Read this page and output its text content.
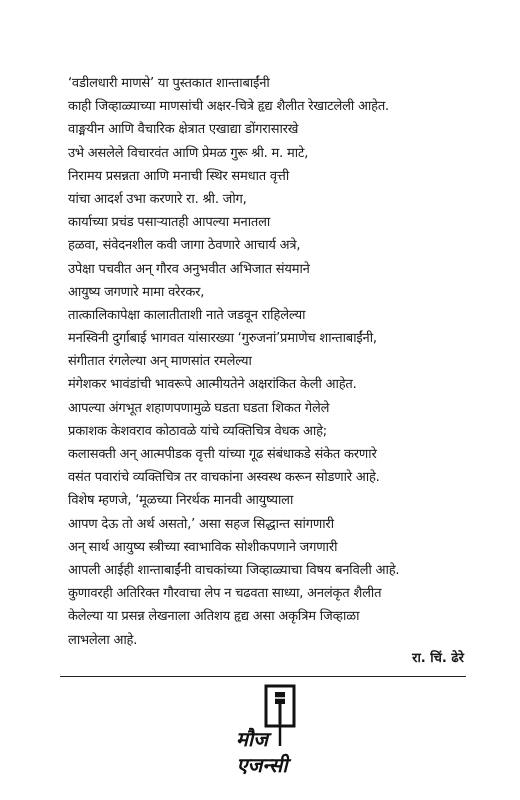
‘वडीलधारी माणसे’ या पुस्तकात शान्ताबाईंनी
काही जिव्हाळ्याच्या माणसांची अक्षर-चित्रे हृद्य शैलीत रेखाटलेली आहेत.
वाङ्मयीन आणि वैचारिक क्षेत्रात एखाद्या डोंगरासारखे
उभे असलेले विचारवंत आणि प्रेमळ गुरू श्री. म. माटे,
निरामय प्रसन्नता आणि मनाची स्थिर समधात वृत्ती
यांचा आदर्श उभा करणारे रा. श्री. जोग,
कार्याच्या प्रचंड पसाऱ्यातही आपल्या मनातला
हळवा, संवेदनशील कवी जागा ठेवणारे आचार्य अत्रे,
उपेक्षा पचवीत अन् गौरव अनुभवीत अभिजात संयमाने
आयुष्य जगणारे मामा वरेरकर,
तात्कालिकापेक्षा कालातीताशी नाते जडवून राहिलेल्या
मनस्विनी दुर्गाबाई भागवत यांसारख्या ‘गुरुजनां’प्रमाणेच शान्ताबाईंनी,
संगीतात रंगलेल्या अन् माणसांत रमलेल्या
मंगेशकर भावंडांची भावरूपे आत्मीयतेने अक्षरांकित केली आहेत.
आपल्या अंगभूत शहाणपणामुळे घडता घडता शिकत गेलेले
प्रकाशक केशवराव कोठावळे यांचे व्यक्तिचित्र वेधक आहे;
कलासक्ती अन् आत्मपीडक वृत्ती यांच्या गूढ संबंधाकडे संकेत करणारे
वसंत पवारांचे व्यक्तिचित्र तर वाचकांना अस्वस्थ करून सोडणारे आहे.
विशेष म्हणजे, ‘मूळच्या निरर्थक मानवी आयुष्याला
आपण देऊ तो अर्थ असतो,’ असा सहज सिद्धान्त सांगणारी
अन् सार्थ आयुष्य स्त्रीच्या स्वाभाविक सोशीकपणाने जगणारी
आपली आईही शान्ताबाईंनी वाचकांच्या जिव्हाळ्याचा विषय बनविली आहे.
कुणावरही अतिरिक्त गौरवाचा लेप न चढवता साध्या, अनलंकृत शैलीत
केलेल्या या प्रसन्न लेखनाला अतिशय हृद्य असा अकृत्रिम जिव्हाळा
लाभलेला आहे.
रा. चिं. ढेरे
मौज
एजन्सी
